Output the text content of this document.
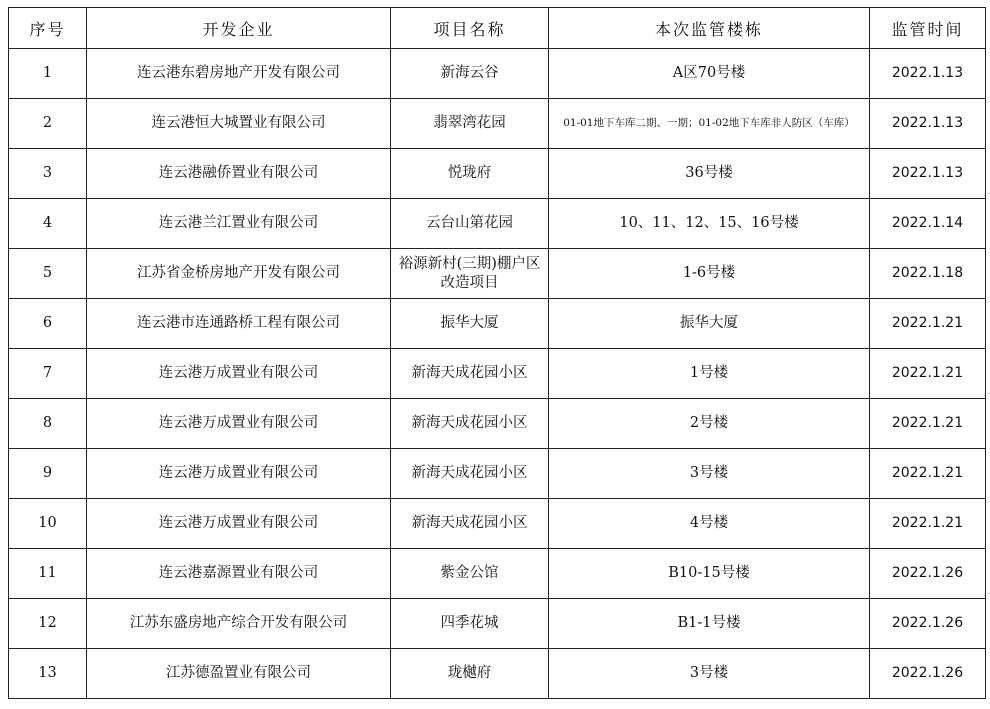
序号	开发企业	项目名称	本次监管楼栋	监管时间
1	连云港东碧房地产开发有限公司	新海云谷	A区70号楼	2022.1.13
2	连云港恒大城置业有限公司	翡翠湾花园	01-01地下车库二期、一期；01-02地下车库非人防区（车库）	2022.1.13
3	连云港融侨置业有限公司	悦珑府	36号楼	2022.1.13
4	连云港兰江置业有限公司	云台山第花园	10、11、12、15、16号楼	2022.1.14
5	江苏省金桥房地产开发有限公司	裕源新村(三期)棚户区改造项目	1-6号楼	2022.1.18
6	连云港市连通路桥工程有限公司	振华大厦	振华大厦	2022.1.21
7	连云港万成置业有限公司	新海天成花园小区	1号楼	2022.1.21
8	连云港万成置业有限公司	新海天成花园小区	2号楼	2022.1.21
9	连云港万成置业有限公司	新海天成花园小区	3号楼	2022.1.21
10	连云港万成置业有限公司	新海天成花园小区	4号楼	2022.1.21
11	连云港嘉源置业有限公司	紫金公馆	B10-15号楼	2022.1.26
12	江苏东盛房地产综合开发有限公司	四季花城	B1-1号楼	2022.1.26
13	江苏德盈置业有限公司	珑樾府	3号楼	2022.1.26
